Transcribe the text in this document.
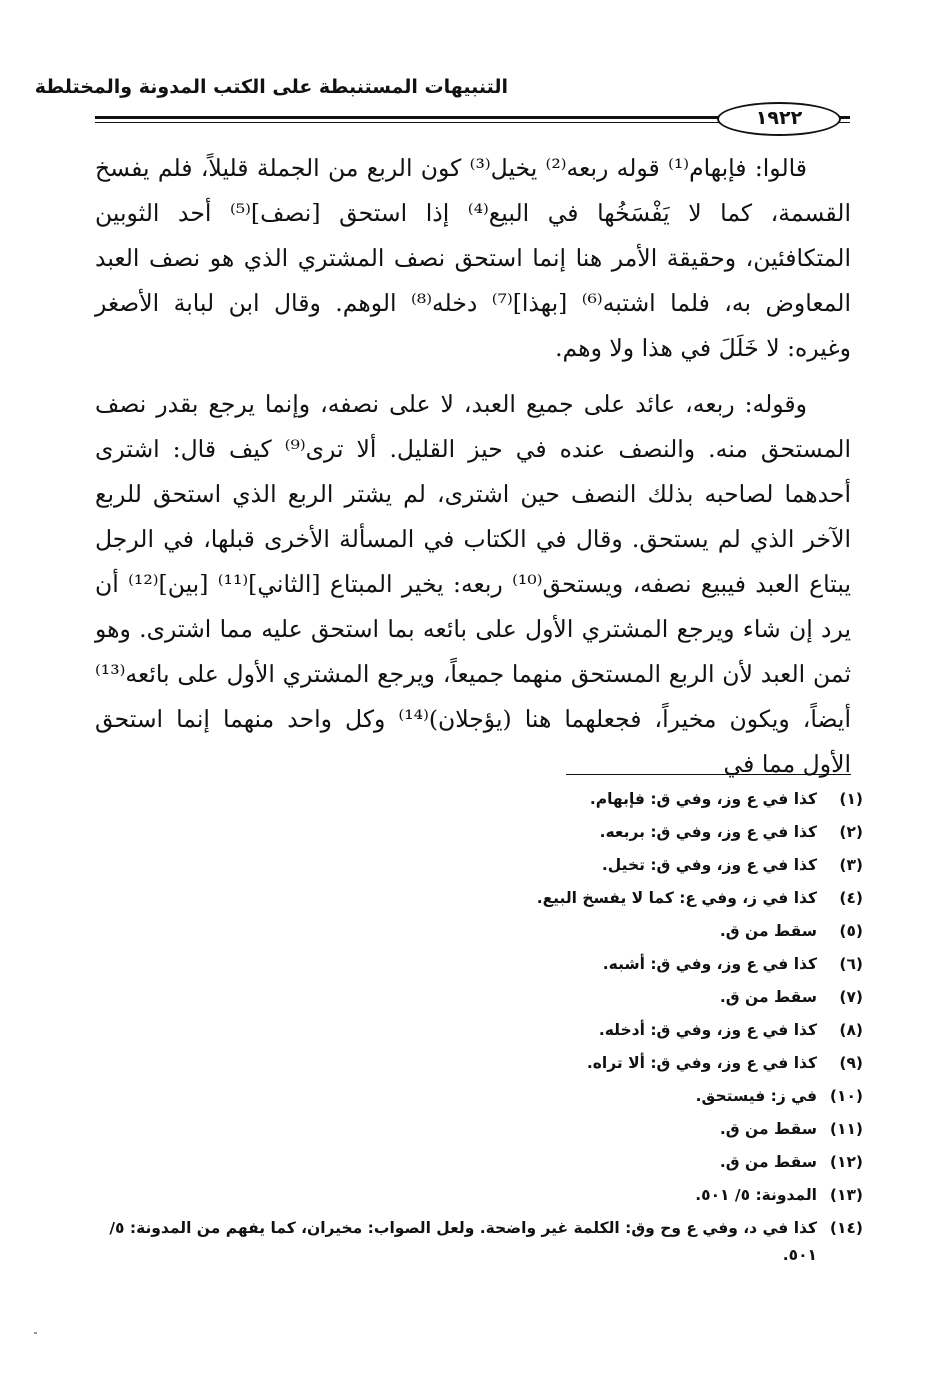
التنبيهات المستنبطة على الكتب المدونة والمختلطة
١٩٢٢

قالوا: فإبهام⁽¹⁾ قوله ربعه⁽²⁾ يخيل⁽³⁾ كون الربع من الجملة قليلاً، فلم يفسخ القسمة، كما لا يَفْسَخُها في البيع⁽⁴⁾ إذا استحق [نصف]⁽⁵⁾ أحد الثوبين المتكافئين، وحقيقة الأمر هنا إنما استحق نصف المشتري الذي هو نصف العبد المعاوض به، فلما اشتبه⁽⁶⁾ [بهذا]⁽⁷⁾ دخله⁽⁸⁾ الوهم. وقال ابن لبابة الأصغر وغيره: لا خَلَلَ في هذا ولا وهم.

وقوله: ربعه، عائد على جميع العبد، لا على نصفه، وإنما يرجع بقدر نصف المستحق منه. والنصف عنده في حيز القليل. ألا ترى⁽⁹⁾ كيف قال: اشترى أحدهما لصاحبه بذلك النصف حين اشترى، لم يشتر الربع الذي استحق للربع الآخر الذي لم يستحق. وقال في الكتاب في المسألة الأخرى قبلها، في الرجل يبتاع العبد فيبيع نصفه، ويستحق⁽¹⁰⁾ ربعه: يخير المبتاع [الثاني]⁽¹¹⁾ [بين]⁽¹²⁾ أن يرد إن شاء ويرجع المشتري الأول على بائعه بما استحق عليه مما اشترى. وهو ثمن العبد لأن الربع المستحق منهما جميعاً، ويرجع المشتري الأول على بائعه⁽¹³⁾ أيضاً، ويكون مخيراً، فجعلهما هنا (يؤجلان)⁽¹⁴⁾ وكل واحد منهما إنما استحق الأول مما في

(١)
كذا في ع وز، وفي ق: فإبهام.
(٢)
كذا في ع وز، وفي ق: بربعه.
(٣)
كذا في ع وز، وفي ق: تخيل.
(٤)
كذا في ز، وفي ع: كما لا يفسخ البيع.
(٥)
سقط من ق.
(٦)
كذا في ع وز، وفي ق: أشبه.
(٧)
سقط من ق.
(٨)
كذا في ع وز، وفي ق: أدخله.
(٩)
كذا في ع وز، وفي ق: ألا تراه.
(١٠)
في ز: فيستحق.
(١١)
سقط من ق.
(١٢)
سقط من ق.
(١٣)
المدونة: ٥/ ٥٠١.
(١٤)
كذا في د، وفي ع وح وق: الكلمة غير واضحة. ولعل الصواب: مخيران، كما يفهم من المدونة: ٥/ ٥٠١.
